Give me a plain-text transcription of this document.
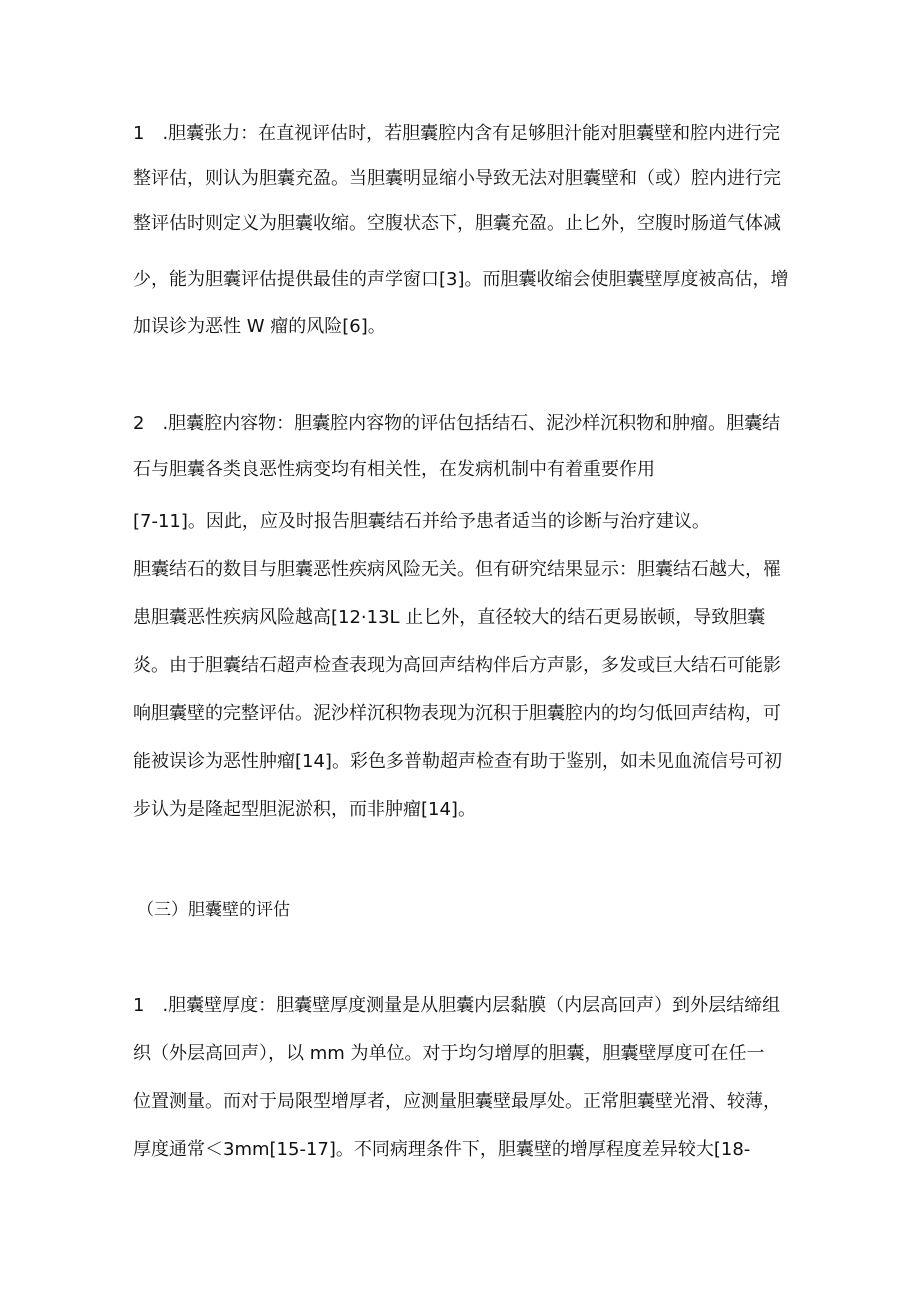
1　.胆囊张力：在直视评估时，若胆囊腔内含有足够胆汁能对胆囊壁和腔内进行完
整评估，则认为胆囊充盈。当胆囊明显缩小导致无法对胆囊壁和（或）腔内进行完
整评估时则定义为胆囊收缩。空腹状态下，胆囊充盈。止匕外，空腹时肠道气体减
少，能为胆囊评估提供最佳的声学窗口[3]。而胆囊收缩会使胆囊壁厚度被高估，增
加误诊为恶性 W 瘤的风险[6]。
2　.胆囊腔内容物：胆囊腔内容物的评估包括结石、泥沙样沉积物和肿瘤。胆囊结
石与胆囊各类良恶性病变均有相关性，在发病机制中有着重要作用
[7-11]。因此，应及时报告胆囊结石并给予患者适当的诊断与治疗建议。
胆囊结石的数目与胆囊恶性疾病风险无关。但有研究结果显示：胆囊结石越大，罹
患胆囊恶性疾病风险越高[12·13L 止匕外，直径较大的结石更易嵌顿，导致胆囊
炎。由于胆囊结石超声检查表现为高回声结构伴后方声影，多发或巨大结石可能影
响胆囊壁的完整评估。泥沙样沉积物表现为沉积于胆囊腔内的均匀低回声结构，可
能被误诊为恶性肿瘤[14]。彩色多普勒超声检查有助于鉴别，如未见血流信号可初
步认为是隆起型胆泥淤积，而非肿瘤[14]。
（三）胆囊壁的评估
1　.胆囊壁厚度：胆囊壁厚度测量是从胆囊内层黏膜（内层高回声）到外层结缔组
织（外层高回声），以 mm 为单位。对于均匀增厚的胆囊，胆囊壁厚度可在任一
位置测量。而对于局限型增厚者，应测量胆囊壁最厚处。正常胆囊壁光滑、较薄，
厚度通常＜3mm[15-17]。不同病理条件下，胆囊壁的增厚程度差异较大[18-
